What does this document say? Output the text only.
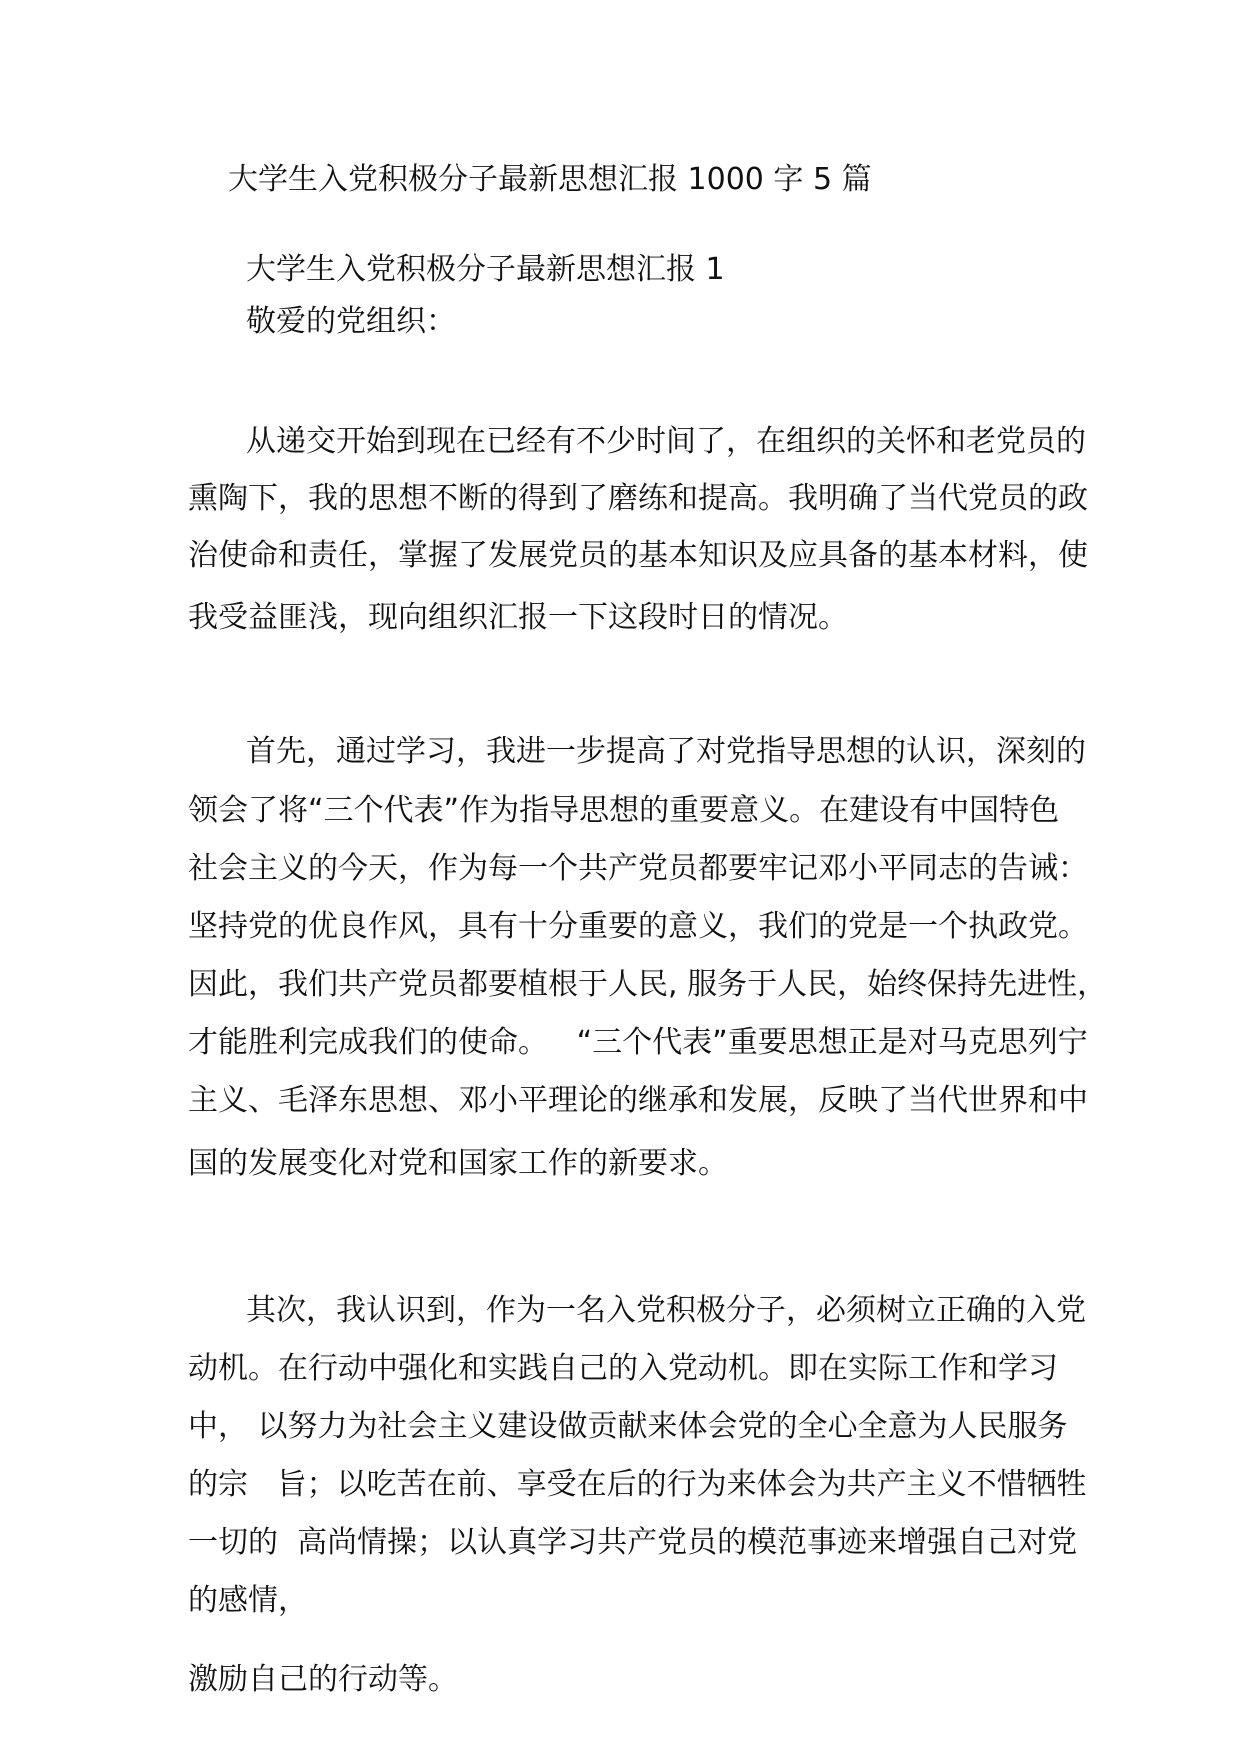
大学生入党积极分子最新思想汇报 1000 字 5 篇

大学生入党积极分子最新思想汇报 1

敬爱的党组织：

从递交开始到现在已经有不少时间了，在组织的关怀和老党员的

熏陶下，我的思想不断的得到了磨练和提高。我明确了当代党员的政

治使命和责任，掌握了发展党员的基本知识及应具备的基本材料，使

我受益匪浅，现向组织汇报一下这段时日的情况。

首先，通过学习，我进一步提高了对党指导思想的认识，深刻的

领会了将“三个代表”作为指导思想的重要意义。在建设有中国特色

社会主义的今天，作为每一个共产党员都要牢记邓小平同志的告诫：

坚持党的优良作风，具有十分重要的意义，我们的党是一个执政党。

因此，我们共产党员都要植根于人民, 服务于人民，始终保持先进性，

才能胜利完成我们的使命。   “三个代表”重要思想正是对马克思列宁

主义、毛泽东思想、邓小平理论的继承和发展，反映了当代世界和中

国的发展变化对党和国家工作的新要求。

其次，我认识到，作为一名入党积极分子，必须树立正确的入党

动机。在行动中强化和实践自己的入党动机。即在实际工作和学习

中， 以努力为社会主义建设做贡献来体会党的全心全意为人民服务

的宗   旨；以吃苦在前、享受在后的行为来体会为共产主义不惜牺牲

一切的  高尚情操；以认真学习共产党员的模范事迹来增强自己对党

的感情，

激励自己的行动等。
